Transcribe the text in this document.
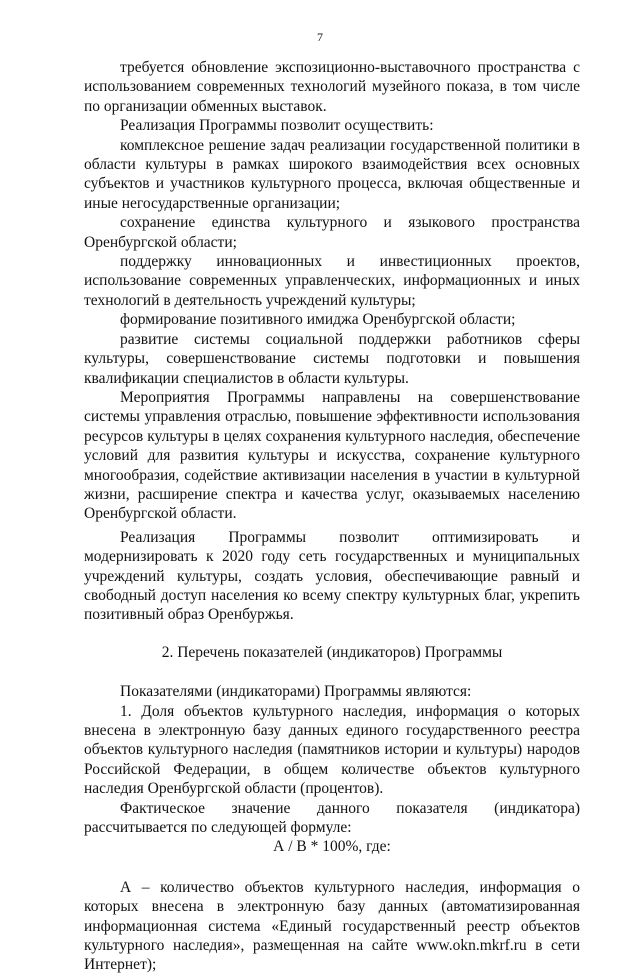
7

требуется обновление экспозиционно-выставочного пространства с использованием современных технологий музейного показа, в том числе по организации обменных выставок.

Реализация Программы позволит осуществить:

комплексное решение задач реализации государственной политики в области культуры в рамках широкого взаимодействия всех основных субъектов и участников культурного процесса, включая общественные и иные негосударственные организации;

сохранение единства культурного и языкового пространства Оренбургской области;

поддержку инновационных и инвестиционных проектов, использование современных управленческих, информационных и иных технологий в деятельность учреждений культуры;

формирование позитивного имиджа Оренбургской области;

развитие системы социальной поддержки работников сферы культуры, совершенствование системы подготовки и повышения квалификации специалистов в области культуры.

Мероприятия Программы направлены на совершенствование системы управления отраслью, повышение эффективности использования ресурсов культуры в целях сохранения культурного наследия, обеспечение условий для развития культуры и искусства, сохранение культурного многообразия, содействие активизации населения в участии в культурной жизни, расширение спектра и качества услуг, оказываемых населению Оренбургской области.

Реализация Программы позволит оптимизировать и модернизировать к 2020 году сеть государственных и муниципальных учреждений культуры, создать условия, обеспечивающие равный и свободный доступ населения ко всему спектру культурных благ, укрепить позитивный образ Оренбуржья.

2. Перечень показателей (индикаторов) Программы

Показателями (индикаторами) Программы являются:

1. Доля объектов культурного наследия, информация о которых внесена в электронную базу данных единого государственного реестра объектов культурного наследия (памятников истории и культуры) народов Российской Федерации, в общем количестве объектов культурного наследия Оренбургской области (процентов).

Фактическое значение данного показателя (индикатора) рассчитывается по следующей формуле:

А / В * 100%, где:

А – количество объектов культурного наследия, информация о которых внесена в электронную базу данных (автоматизированная информационная система «Единый государственный реестр объектов культурного наследия», размещенная на сайте www.okn.mkrf.ru в сети Интернет);
